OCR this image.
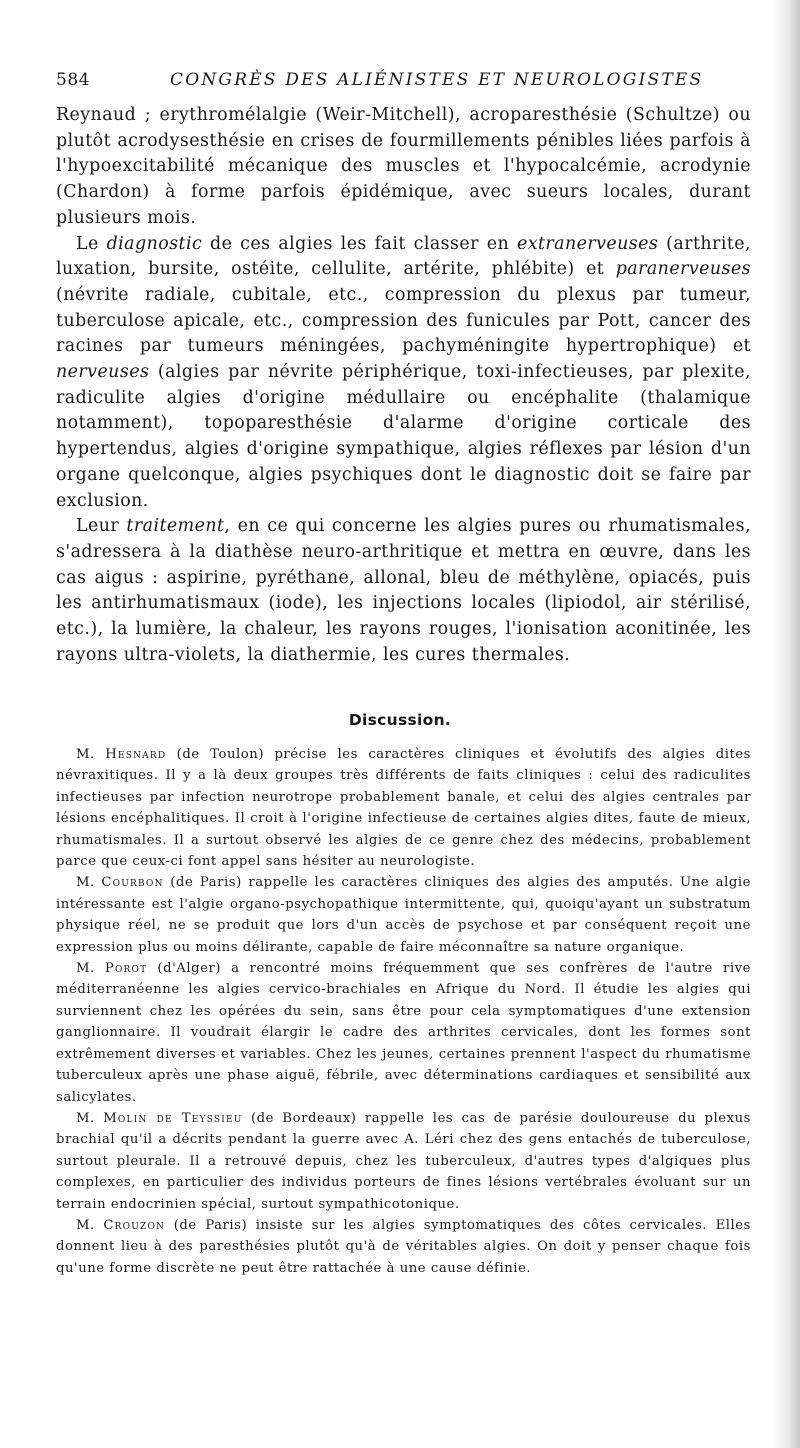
584	CONGRÈS DES ALIÉNISTES ET NEUROLOGISTES

Reynaud ; erythromélalgie (Weir-Mitchell), acroparesthésie (Schultze) ou plutôt acrodysesthésie en crises de fourmillements pénibles liées parfois à l'hypoexcitabilité mécanique des muscles et l'hypocalcémie, acrodynie (Chardon) à forme parfois épidémique, avec sueurs locales, durant plusieurs mois.

Le diagnostic de ces algies les fait classer en extranerveuses (arthrite, luxation, bursite, ostéite, cellulite, artérite, phlébite) et paranerveuses (névrite radiale, cubitale, etc., compression du plexus par tumeur, tuberculose apicale, etc., compression des funicules par Pott, cancer des racines par tumeurs méningées, pachyméningite hypertrophique) et nerveuses (algies par névrite périphérique, toxi-infectieuses, par plexite, radiculite algies d'origine médullaire ou encéphalite (thalamique notamment), topoparesthésie d'alarme d'origine corticale des hypertendus, algies d'origine sympathique, algies réflexes par lésion d'un organe quelconque, algies psychiques dont le diagnostic doit se faire par exclusion.

Leur traitement, en ce qui concerne les algies pures ou rhumatismales, s'adressera à la diathèse neuro-arthritique et mettra en œuvre, dans les cas aigus : aspirine, pyréthane, allonal, bleu de méthylène, opiacés, puis les antirhumatismaux (iode), les injections locales (lipiodol, air stérilisé, etc.), la lumière, la chaleur, les rayons rouges, l'ionisation aconitinée, les rayons ultra-violets, la diathermie, les cures thermales.

Discussion.

M. Hesnard (de Toulon) précise les caractères cliniques et évolutifs des algies dites névraxitiques. Il y a là deux groupes très différents de faits cliniques : celui des radiculites infectieuses par infection neurotrope probablement banale, et celui des algies centrales par lésions encéphalitiques. Il croit à l'origine infectieuse de certaines algies dites, faute de mieux, rhumatismales. Il a surtout observé les algies de ce genre chez des médecins, probablement parce que ceux-ci font appel sans hésiter au neurologiste.

M. Courbon (de Paris) rappelle les caractères cliniques des algies des amputés. Une algie intéressante est l'algie organo-psychopathique intermittente, qui, quoiqu'ayant un substratum physique réel, ne se produit que lors d'un accès de psychose et par conséquent reçoit une expression plus ou moins délirante, capable de faire méconnaître sa nature organique.

M. Porot (d'Alger) a rencontré moins fréquemment que ses confrères de l'autre rive méditerranéenne les algies cervico-brachiales en Afrique du Nord. Il étudie les algies qui surviennent chez les opérées du sein, sans être pour cela symptomatiques d'une extension ganglionnaire. Il voudrait élargir le cadre des arthrites cervicales, dont les formes sont extrêmement diverses et variables. Chez les jeunes, certaines prennent l'aspect du rhumatisme tuberculeux après une phase aiguë, fébrile, avec déterminations cardiaques et sensibilité aux salicylates.

M. Molin de Teyssieu (de Bordeaux) rappelle les cas de parésie douloureuse du plexus brachial qu'il a décrits pendant la guerre avec A. Léri chez des gens entachés de tuberculose, surtout pleurale. Il a retrouvé depuis, chez les tuberculeux, d'autres types d'algiques plus complexes, en particulier des individus porteurs de fines lésions vertébrales évoluant sur un terrain endocrinien spécial, surtout sympathicotonique.

M. Crouzon (de Paris) insiste sur les algies symptomatiques des côtes cervicales. Elles donnent lieu à des paresthésies plutôt qu'à de véritables algies. On doit y penser chaque fois qu'une forme discrète ne peut être rattachée à une cause définie.
